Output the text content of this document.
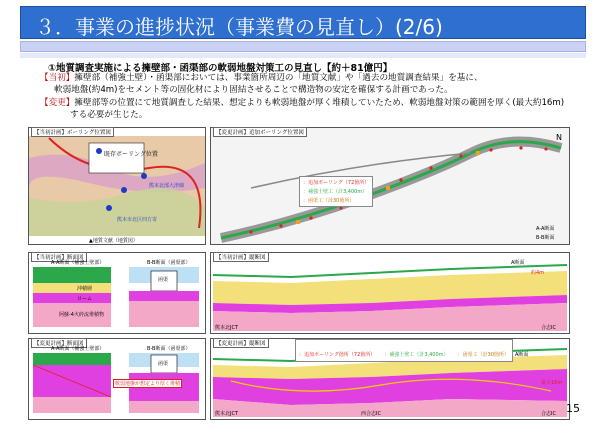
３．事業の進捗状況（事業費の見直し）(2/6)
①地質調査実施による擁壁部・函渠部の軟弱地盤対策工の見直し【約＋81億円】
【当初】擁壁部（補強土壁）・函渠部においては、事業箇所周辺の「地質文献」や「過去の地質調査結果」を基に、
軟弱地盤(約4m)をセメント等の固化材により固結させることで構造物の安定を確保する計画であった。
【変更】擁壁部等の位置にて地質調査した結果、想定よりも軟弱地盤が厚く堆積していたため、軟弱地盤対策の範囲を厚く(最大約16m)
する必要が生じた。
【当初計画】ボーリング位置図
既存ボーリング位置
熊本北部大津線
熊本市北区四方寄
▲地質文献（地質図）
N
【変更計画】追加ボーリング位置図
：追加ボーリング（72箇所）
：補強土壁工（計3,400m）
：函渠工（計30箇所）
A-A断面
B-B断面
【当初計画】断面図
A-A断面（補強土壁部）	B-B断面（函渠部）
函渠
沖積層
ローム
阿蘇-4火砕流堆積物
【変更計画】断面図
A-A断面（補強土壁部）	B-B断面（函渠部）
函渠
軟弱地盤が想定より厚く堆積
【当初計画】縦断図
約4m
熊本北JCT
A断面
合志IC
【変更計画】縦断図
：追加ボーリング箇所（72箇所） ：補強土壁工（計3,400m） ：函渠工（計30箇所）
最大16m
熊本北JCT	西合志IC
A断面
合志IC 15
